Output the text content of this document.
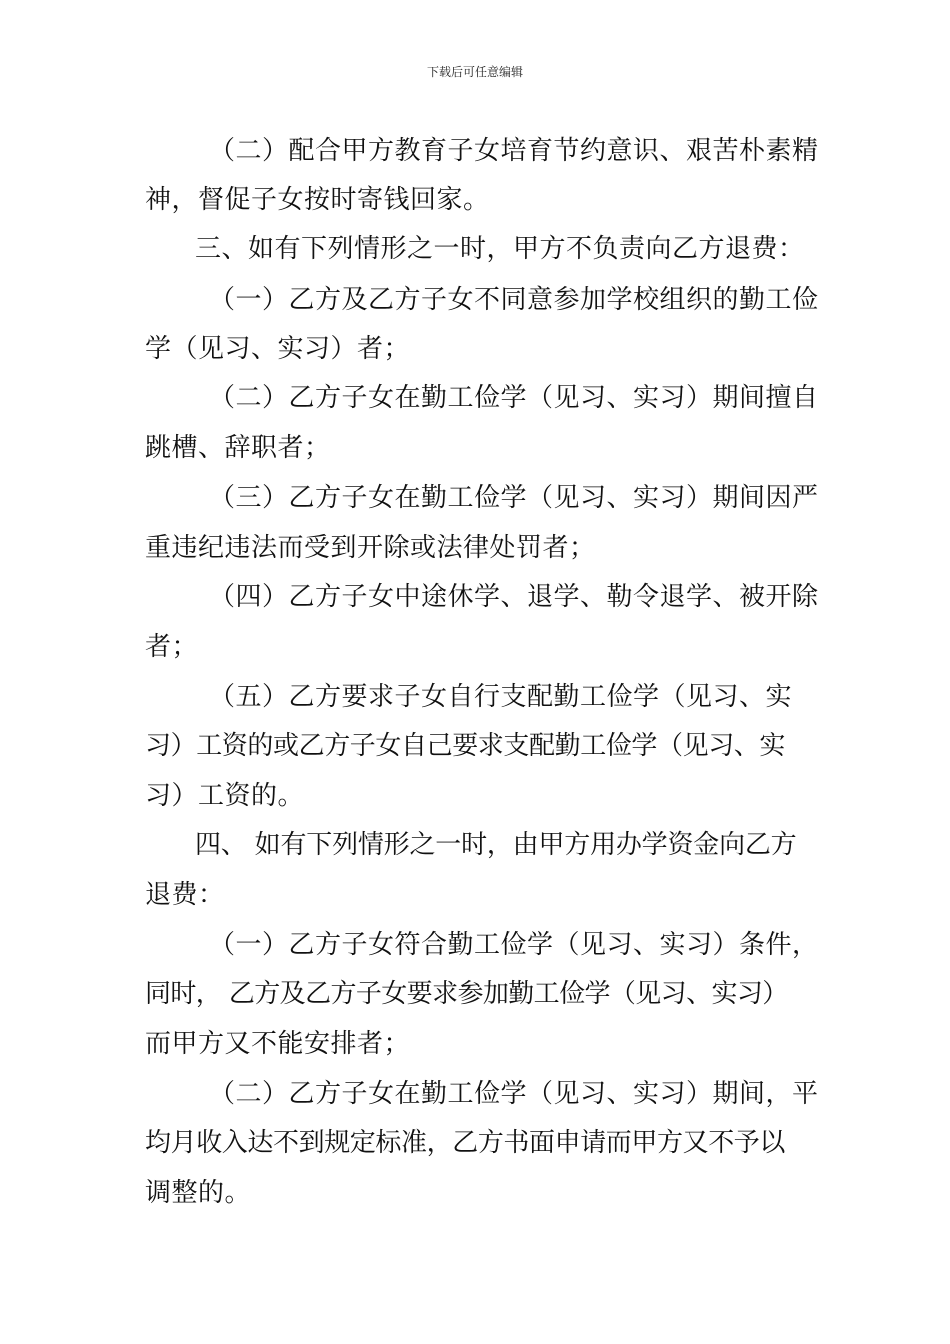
下载后可任意编辑
（二）配合甲方教育子女培育节约意识、艰苦朴素精
神，督促子女按时寄钱回家。
三、如有下列情形之一时，甲方不负责向乙方退费：
（一）乙方及乙方子女不同意参加学校组织的勤工俭
学（见习、实习）者；
（二）乙方子女在勤工俭学（见习、实习）期间擅自
跳槽、辞职者；
（三）乙方子女在勤工俭学（见习、实习）期间因严
重违纪违法而受到开除或法律处罚者；
（四）乙方子女中途休学、退学、勒令退学、被开除
者；
（五）乙方要求子女自行支配勤工俭学（见习、实
习）工资的或乙方子女自己要求支配勤工俭学（见习、实
习）工资的。
四、 如有下列情形之一时，由甲方用办学资金向乙方
退费：
（一）乙方子女符合勤工俭学（见习、实习）条件，
同时， 乙方及乙方子女要求参加勤工俭学（见习、实习）
而甲方又不能安排者；
（二）乙方子女在勤工俭学（见习、实习）期间，平
均月收入达不到规定标准，乙方书面申请而甲方又不予以
调整的。
